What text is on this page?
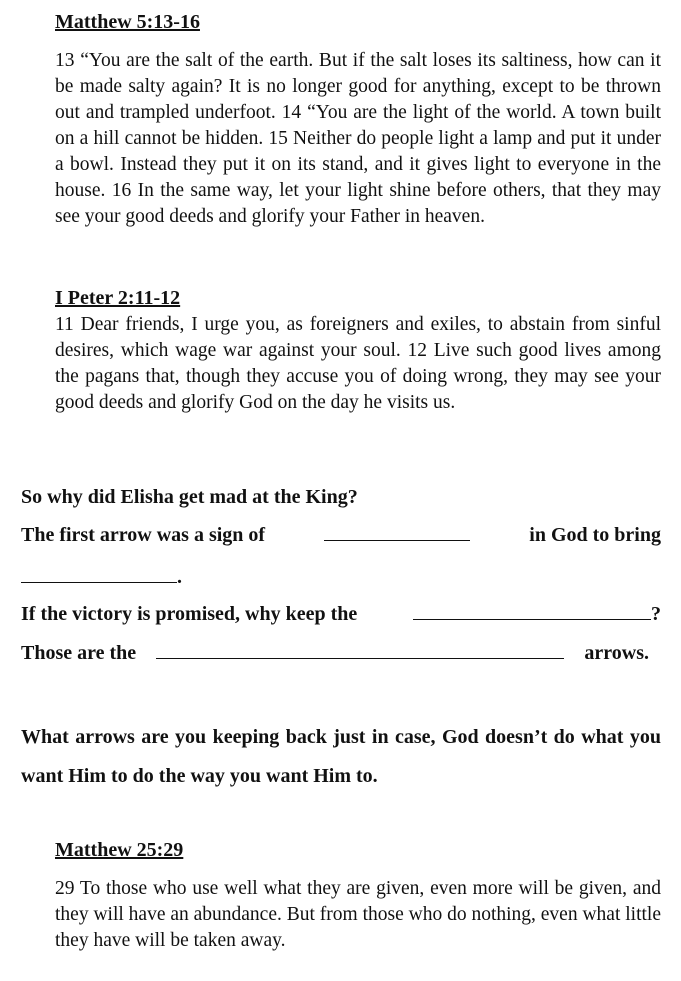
Matthew 5:13-16
13 “You are the salt of the earth. But if the salt loses its saltiness, how can it be made salty again? It is no longer good for anything, except to be thrown out and trampled underfoot. 14 “You are the light of the world. A town built on a hill cannot be hidden. 15 Neither do people light a lamp and put it under a bowl. Instead they put it on its stand, and it gives light to everyone in the house. 16 In the same way, let your light shine before others, that they may see your good deeds and glorify your Father in heaven.
I Peter 2:11-12
11 Dear friends, I urge you, as foreigners and exiles, to abstain from sinful desires, which wage war against your soul. 12 Live such good lives among the pagans that, though they accuse you of doing wrong, they may see your good deeds and glorify God on the day he visits us.
So why did Elisha get mad at the King?
The first arrow was a sign of	in God to bring
.
If the victory is promised, why keep the	?
Those are the	arrows.
What arrows are you keeping back just in case, God doesn’t do what you want Him to do the way you want Him to.
Matthew 25:29
29 To those who use well what they are given, even more will be given, and they will have an abundance. But from those who do nothing, even what little they have will be taken away.
